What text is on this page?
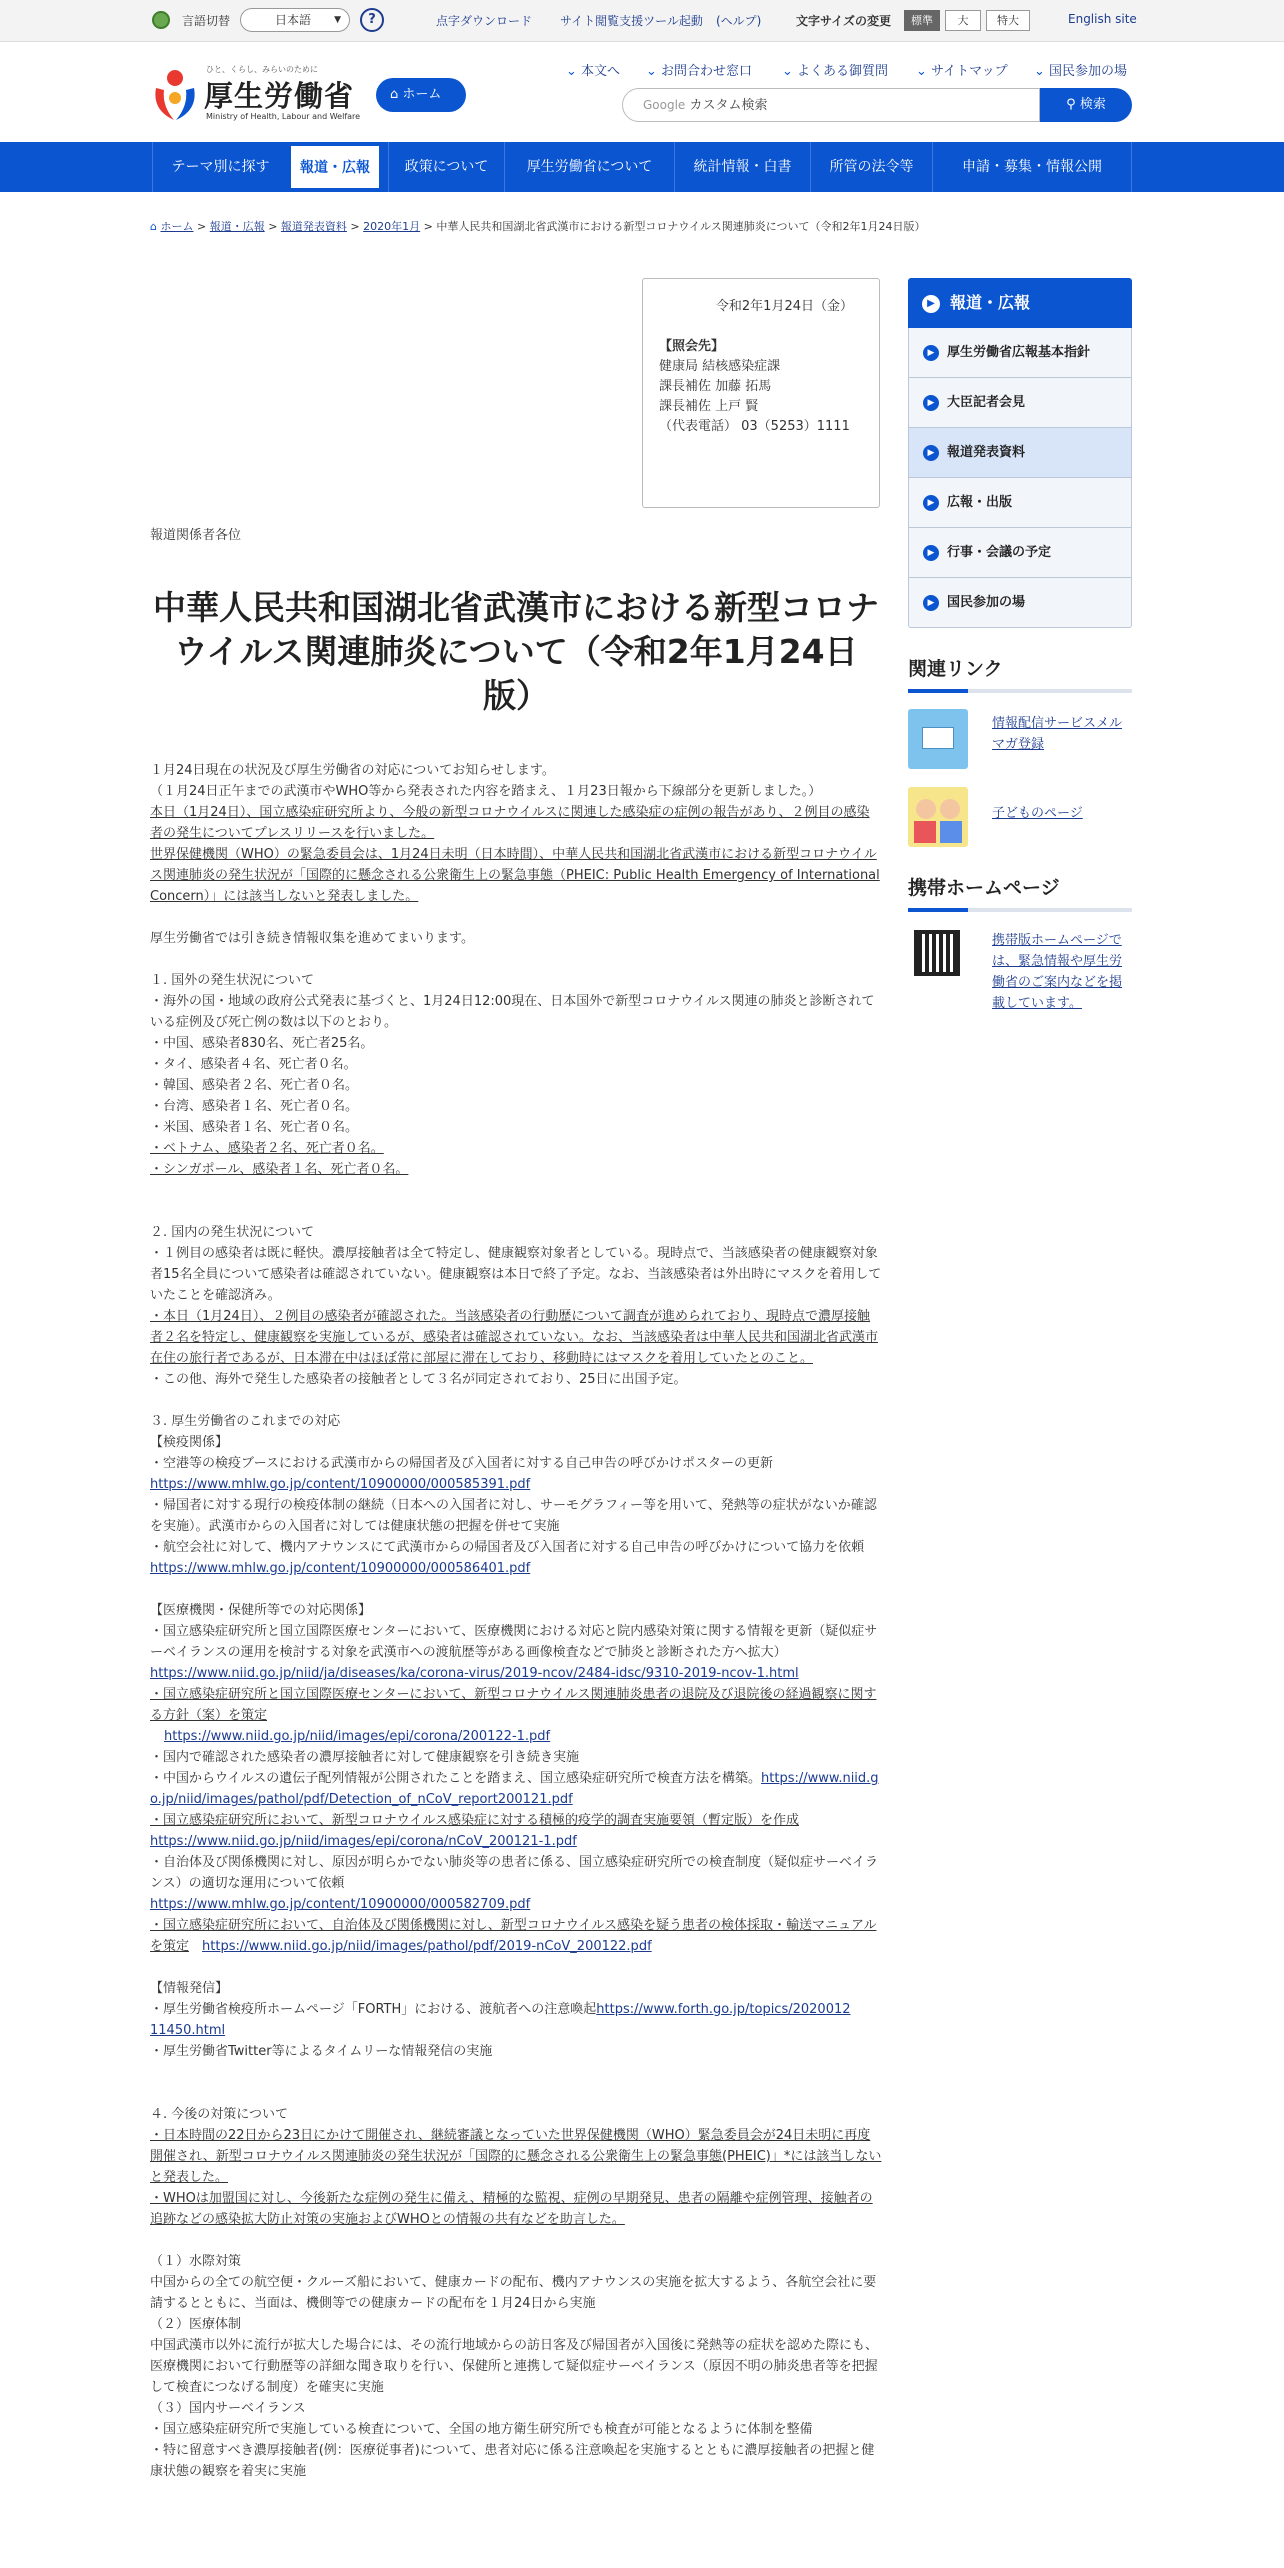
言語切替	日本語	▼	?	点字ダウンロード サイト閲覧支援ツール起動 (ヘルプ)	文字サイズの変更	標準	大	特大	English site
ひと、くらし、みらいのために
厚生労働省
Ministry of Health, Labour and Welfare
⌂ ホーム
⌄ 本文へ	⌄ お問合わせ窓口	⌄ よくある御質問	⌄ サイトマップ	⌄ 国民参加の場
Google カスタム検索	⚲ 検索
テーマ別に探す	報道・広報	政策について	厚生労働省について	統計情報・白書	所管の法令等	申請・募集・情報公開
⌂ ホーム > 報道・広報 > 報道発表資料 > 2020年1月 > 中華人民共和国湖北省武漢市における新型コロナウイルス関連肺炎について（令和2年1月24日版）
令和2年1月24日（金）
【照会先】
健康局 結核感染症課
課長補佐 加藤 拓馬
課長補佐 上戸 賢
（代表電話） 03（5253）1111

報道関係者各位

中華人民共和国湖北省武漢市における新型コロナウイルス関連肺炎について（令和2年1月24日版）

１月24日現在の状況及び厚生労働省の対応についてお知らせします。

（１月24日正午までの武漢市やWHO等から発表された内容を踏まえ、１月23日報から下線部分を更新しました。）

本日（1月24日）、国立感染症研究所より、今般の新型コロナウイルスに関連した感染症の症例の報告があり、２例目の感染者の発生についてプレスリリースを行いました。

世界保健機関（WHO）の緊急委員会は、1月24日未明（日本時間）、中華人民共和国湖北省武漢市における新型コロナウイルス関連肺炎の発生状況が「国際的に懸念される公衆衛生上の緊急事態（PHEIC: Public Health Emergency of International Concern）」には該当しないと発表しました。

厚生労働省では引き続き情報収集を進めてまいります。

１. 国外の発生状況について

・海外の国・地域の政府公式発表に基づくと、1月24日12:00現在、日本国外で新型コロナウイルス関連の肺炎と診断されている症例及び死亡例の数は以下のとおり。

・中国、感染者830名、死亡者25名。

・タイ、感染者４名、死亡者０名。

・韓国、感染者２名、死亡者０名。

・台湾、感染者１名、死亡者０名。

・米国、感染者１名、死亡者０名。

・ベトナム、感染者２名、死亡者０名。

・シンガポール、感染者１名、死亡者０名。

２. 国内の発生状況について

・１例目の感染者は既に軽快。濃厚接触者は全て特定し、健康観察対象者としている。現時点で、当該感染者の健康観察対象者15名全員について感染者は確認されていない。健康観察は本日で終了予定。なお、当該感染者は外出時にマスクを着用していたことを確認済み。

・本日（1月24日）、２例目の感染者が確認された。当該感染者の行動歴について調査が進められており、現時点で濃厚接触者２名を特定し、健康観察を実施しているが、感染者は確認されていない。なお、当該感染者は中華人民共和国湖北省武漢市在住の旅行者であるが、日本滞在中はほぼ常に部屋に滞在しており、移動時にはマスクを着用していたとのこと。

・この他、海外で発生した感染者の接触者として３名が同定されており、25日に出国予定。

３. 厚生労働省のこれまでの対応

【検疫関係】

・空港等の検疫ブースにおける武漢市からの帰国者及び入国者に対する自己申告の呼びかけポスターの更新

https://www.mhlw.go.jp/content/10900000/000585391.pdf

・帰国者に対する現行の検疫体制の継続（日本への入国者に対し、サーモグラフィー等を用いて、発熱等の症状がないか確認を実施）。武漢市からの入国者に対しては健康状態の把握を併せて実施

・航空会社に対して、機内アナウンスにて武漢市からの帰国者及び入国者に対する自己申告の呼びかけについて協力を依頼

https://www.mhlw.go.jp/content/10900000/000586401.pdf

【医療機関・保健所等での対応関係】

・国立感染症研究所と国立国際医療センターにおいて、医療機関における対応と院内感染対策に関する情報を更新（疑似症サーベイランスの運用を検討する対象を武漢市への渡航歴等がある画像検査などで肺炎と診断された方へ拡大）

https://www.niid.go.jp/niid/ja/diseases/ka/corona-virus/2019-ncov/2484-idsc/9310-2019-ncov-1.html

・国立感染症研究所と国立国際医療センターにおいて、新型コロナウイルス関連肺炎患者の退院及び退院後の経過観察に関する方針（案）を策定

https://www.niid.go.jp/niid/images/epi/corona/200122-1.pdf

・国内で確認された感染者の濃厚接触者に対して健康観察を引き続き実施

・中国からウイルスの遺伝子配列情報が公開されたことを踏まえ、国立感染症研究所で検査方法を構築。https://www.niid.go.jp/niid/images/pathol/pdf/Detection_of_nCoV_report200121.pdf

・国立感染症研究所において、新型コロナウイルス感染症に対する積極的疫学的調査実施要領（暫定版）を作成

https://www.niid.go.jp/niid/images/epi/corona/nCoV_200121-1.pdf

・自治体及び関係機関に対し、原因が明らかでない肺炎等の患者に係る、国立感染症研究所での検査制度（疑似症サーベイランス）の適切な運用について依頼

https://www.mhlw.go.jp/content/10900000/000582709.pdf

・国立感染症研究所において、自治体及び関係機関に対し、新型コロナウイルス感染を疑う患者の検体採取・輸送マニュアルを策定　 https://www.niid.go.jp/niid/images/pathol/pdf/2019-nCoV_200122.pdf

【情報発信】

・厚生労働省検疫所ホームページ「FORTH」における、渡航者への注意喚起https://www.forth.go.jp/topics/2020012 11450.html

・厚生労働省Twitter等によるタイムリーな情報発信の実施

４. 今後の対策について

・日本時間の22日から23日にかけて開催され、継続審議となっていた世界保健機関（WHO）緊急委員会が24日未明に再度開催され、新型コロナウイルス関連肺炎の発生状況が「国際的に懸念される公衆衛生上の緊急事態(PHEIC)」*には該当しないと発表した。

・WHOは加盟国に対し、今後新たな症例の発生に備え、精極的な監視、症例の早期発見、患者の隔離や症例管理、接触者の追跡などの感染拡大防止対策の実施およびWHOとの情報の共有などを助言した。

（１）水際対策

中国からの全ての航空便・クルーズ船において、健康カードの配布、機内アナウンスの実施を拡大するよう、各航空会社に要請するとともに、当面は、機側等での健康カードの配布を１月24日から実施

（２）医療体制

中国武漢市以外に流行が拡大した場合には、その流行地域からの訪日客及び帰国者が入国後に発熱等の症状を認めた際にも、医療機関において行動歴等の詳細な聞き取りを行い、保健所と連携して疑似症サーベイランス（原因不明の肺炎患者等を把握して検査につなげる制度）を確実に実施

（３）国内サーベイランス

・国立感染症研究所で実施している検査について、全国の地方衛生研究所でも検査が可能となるように体制を整備

・特に留意すべき濃厚接触者(例：医療従事者)について、患者対応に係る注意喚起を実施するとともに濃厚接触者の把握と健康状態の観察を着実に実施

▶ 報道・広報
▶ 厚生労働省広報基本指針
▶ 大臣記者会見
▶ 報道発表資料
▶ 広報・出版
▶ 行事・会議の予定
▶ 国民参加の場
関連リンク
情報配信サービスメルマガ登録
子どものページ
携帯ホームページ
携帯版ホームページでは、緊急情報や厚生労働省のご案内などを掲載しています。
